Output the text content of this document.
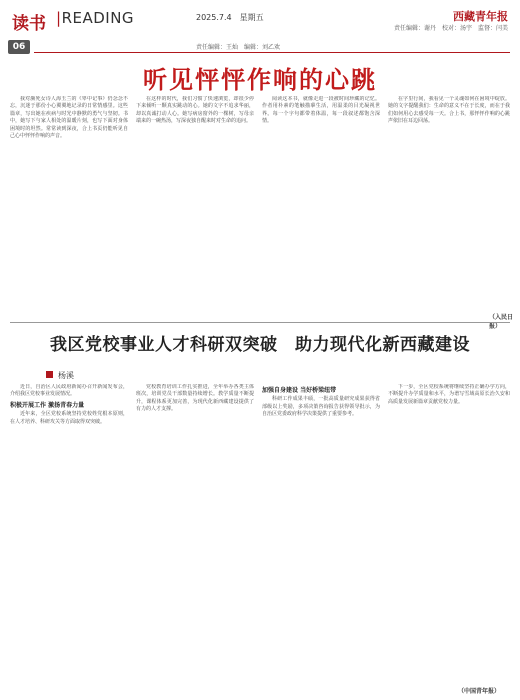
读书 |READING	2025.7.4　 星期五	西藏青年报
责任编辑：谢丹　校对：汤宇　监督：闫美
06	责任编辑：王灿　编辑：刘乙欢
听见怦怦作响的心跳

我对濒死女诗人海玉兰的《辜中记事》仍念念不忘，沉迷于那份小心翼翼地记录的日常情感里。这些篇章，写出她在疾病与时光中静默的勇气与坚韧。书中，她写下与家人相处的温暖片刻，也写下面对身体困境时的坦然。常常读到深夜，合上书页仍能听见自己心中怦怦作响的声音。

在这样的时代，我们习惯了快速浏览，却很少停下来倾听一颗真实跳动的心。她的文字不追求华丽，却以真诚打动人心。她写病房窗外的一棵树，写母亲端来的一碗热汤，写深夜独自醒来时对生命的追问。

阅读这本书，就像走进一段被时间珍藏的记忆。作者用朴素的笔触描摹生活，用温柔的目光凝视世界。每一个字句都带着体温，每一段叙述都饱含深情。

在字里行间，我看见一个灵魂如何在困境中绽放。她的文字提醒我们：生命的意义不在于长度，而在于我们如何用心去感受每一天。合上书，那怦怦作响的心跳声依旧在耳边回荡。

（入民日报）
我区党校事业人才科研双突破　助力现代化新西藏建设
杨溪

近日，自治区人民政府新闻办召开新闻发布会，介绍我区党校事业发展情况。

积极开展工作 激扬青春力量

近年来，全区党校系统坚持党校姓党根本原则，在人才培养、科研攻关等方面取得双突破。

党校教育培训工作扎实推进，全年举办各类主体班次，培训党员干部数量持续增长。教学质量不断提升，课程体系更加完善，为现代化新西藏建设提供了有力的人才支撑。

加强自身建设 当好桥梁纽带

科研工作成果丰硕，一批高质量研究成果获得省部级以上奖励，多项决策咨询报告获得领导批示，为自治区党委政府科学决策提供了重要参考。

下一步，全区党校系统将继续坚持正确办学方向，不断提升办学质量和水平，为谱写雪域高原长治久安和高质量发展新篇章贡献党校力量。

（中国青年报）
